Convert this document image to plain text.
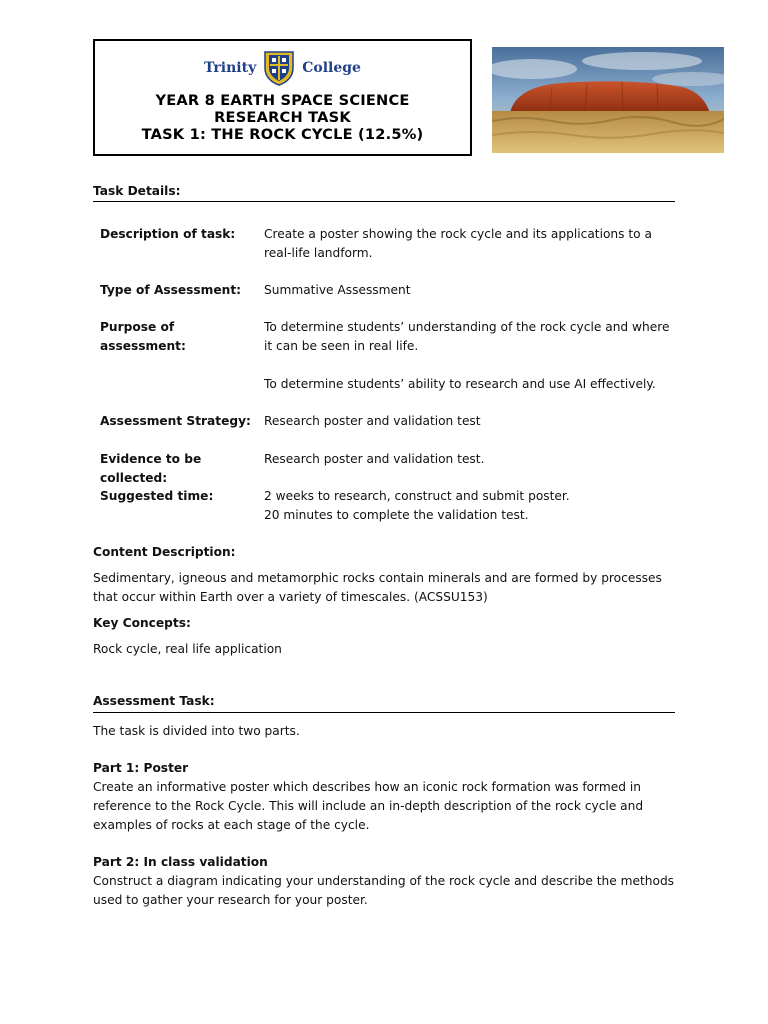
Trinity	College
YEAR 8 EARTH SPACE SCIENCE
RESEARCH TASK
TASK 1: THE ROCK CYCLE (12.5%)
Task Details:
Description of task:	Create a poster showing the rock cycle and its applications to a real-life landform.
Type of Assessment:	Summative Assessment
Purpose of assessment:
To determine students’ understanding of the rock cycle and where it can be seen in real life.
To determine students’ ability to research and use AI effectively.
Assessment Strategy:	Research poster and validation test
Evidence to be collected:
Research poster and validation test.
Suggested time:	2 weeks to research, construct and submit poster.
20 minutes to complete the validation test.
Content Description:
Sedimentary, igneous and metamorphic rocks contain minerals and are formed by processes that occur within Earth over a variety of timescales. (ACSSU153)
Key Concepts:
Rock cycle, real life application
Assessment Task:
The task is divided into two parts.
Part 1: Poster
Create an informative poster which describes how an iconic rock formation was formed in reference to the Rock Cycle. This will include an in-depth description of the rock cycle and examples of rocks at each stage of the cycle.
Part 2: In class validation
Construct a diagram indicating your understanding of the rock cycle and describe the methods used to gather your research for your poster.
